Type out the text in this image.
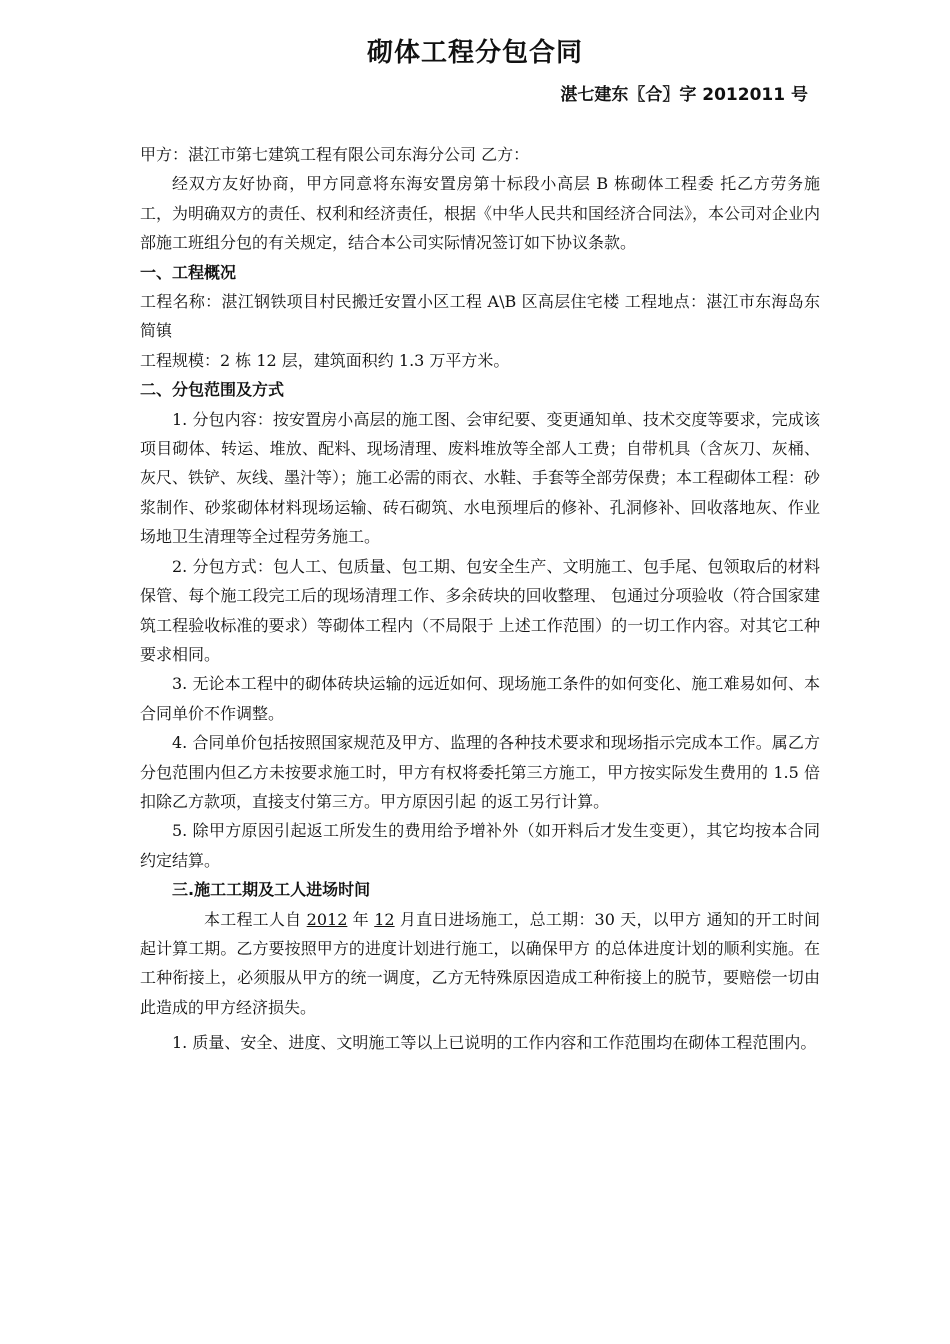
砌体工程分包合同
湛七建东〖合〗字 2012011 号

甲方：湛江市第七建筑工程有限公司东海分公司 乙方：

经双方友好协商，甲方同意将东海安置房第十标段小高层 B 栋砌体工程委 托乙方劳务施工，为明确双方的责任、权利和经济责任，根据《中华人民共和国经济合同法》，本公司对企业内部施工班组分包的有关规定，结合本公司实际情况签订如下协议条款。

一、工程概况

工程名称：湛江钢铁项目村民搬迁安置小区工程 A\B 区高层住宅楼 工程地点：湛江市东海岛东简镇

工程规模：2 栋 12 层，建筑面积约 1.3 万平方米。

二、分包范围及方式

1. 分包内容：按安置房小高层的施工图、会审纪要、变更通知单、技术交度等要求，完成该项目砌体、转运、堆放、配料、现场清理、废料堆放等全部人工费；自带机具（含灰刀、灰桶、灰尺、铁铲、灰线、墨汁等）；施工必需的雨衣、水鞋、手套等全部劳保费；本工程砌体工程：砂浆制作、砂浆砌体材料现场运输、砖石砌筑、水电预埋后的修补、孔洞修补、回收落地灰、作业场地卫生清理等全过程劳务施工。

2. 分包方式：包人工、包质量、包工期、包安全生产、文明施工、包手尾、包领取后的材料保管、每个施工段完工后的现场清理工作、多余砖块的回收整理、 包通过分项验收（符合国家建筑工程验收标准的要求）等砌体工程内（不局限于 上述工作范围）的一切工作内容。对其它工种要求相同。

3. 无论本工程中的砌体砖块运输的远近如何、现场施工条件的如何变化、施工难易如何、本合同单价不作调整。

4. 合同单价包括按照国家规范及甲方、监理的各种技术要求和现场指示完成本工作。属乙方分包范围内但乙方未按要求施工时，甲方有权将委托第三方施工，甲方按实际发生费用的 1.5 倍扣除乙方款项，直接支付第三方。甲方原因引起 的返工另行计算。

5. 除甲方原因引起返工所发生的费用给予增补外（如开料后才发生变更），其它均按本合同约定结算。

三.施工工期及工人进场时间

本工程工人自 2012 年 12 月直日进场施工，总工期：30 天，以甲方 通知的开工时间起计算工期。乙方要按照甲方的进度计划进行施工，以确保甲方 的总体进度计划的顺利实施。在工种衔接上，必须服从甲方的统一调度，乙方无特殊原因造成工种衔接上的脱节，要赔偿一切由此造成的甲方经济损失。

1. 质量、安全、进度、文明施工等以上已说明的工作内容和工作范围均在砌体工程范围内。
